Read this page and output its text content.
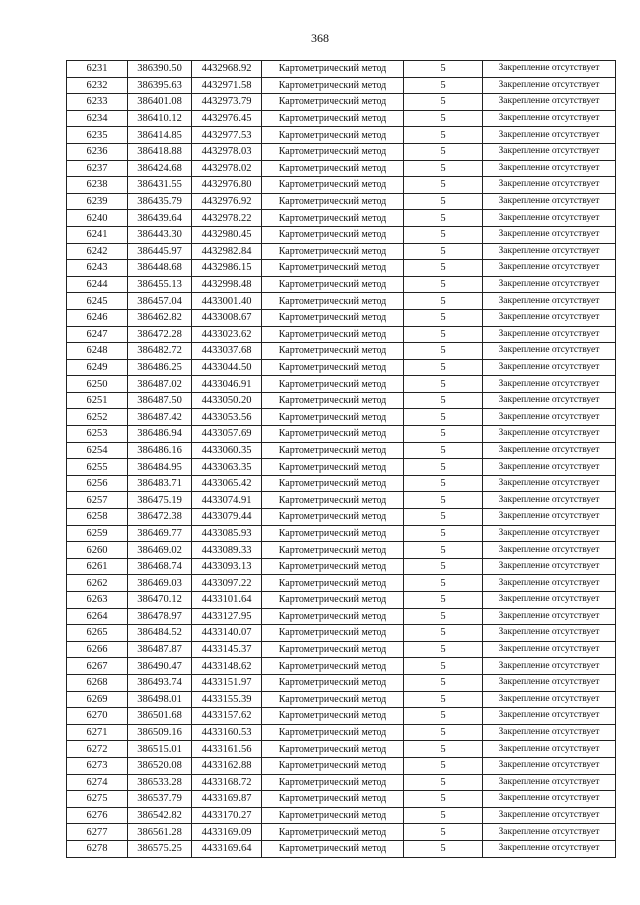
368
6231	386390.50	4432968.92	Картометрический метод	5	Закрепление отсутствует
6232	386395.63	4432971.58	Картометрический метод	5	Закрепление отсутствует
6233	386401.08	4432973.79	Картометрический метод	5	Закрепление отсутствует
6234	386410.12	4432976.45	Картометрический метод	5	Закрепление отсутствует
6235	386414.85	4432977.53	Картометрический метод	5	Закрепление отсутствует
6236	386418.88	4432978.03	Картометрический метод	5	Закрепление отсутствует
6237	386424.68	4432978.02	Картометрический метод	5	Закрепление отсутствует
6238	386431.55	4432976.80	Картометрический метод	5	Закрепление отсутствует
6239	386435.79	4432976.92	Картометрический метод	5	Закрепление отсутствует
6240	386439.64	4432978.22	Картометрический метод	5	Закрепление отсутствует
6241	386443.30	4432980.45	Картометрический метод	5	Закрепление отсутствует
6242	386445.97	4432982.84	Картометрический метод	5	Закрепление отсутствует
6243	386448.68	4432986.15	Картометрический метод	5	Закрепление отсутствует
6244	386455.13	4432998.48	Картометрический метод	5	Закрепление отсутствует
6245	386457.04	4433001.40	Картометрический метод	5	Закрепление отсутствует
6246	386462.82	4433008.67	Картометрический метод	5	Закрепление отсутствует
6247	386472.28	4433023.62	Картометрический метод	5	Закрепление отсутствует
6248	386482.72	4433037.68	Картометрический метод	5	Закрепление отсутствует
6249	386486.25	4433044.50	Картометрический метод	5	Закрепление отсутствует
6250	386487.02	4433046.91	Картометрический метод	5	Закрепление отсутствует
6251	386487.50	4433050.20	Картометрический метод	5	Закрепление отсутствует
6252	386487.42	4433053.56	Картометрический метод	5	Закрепление отсутствует
6253	386486.94	4433057.69	Картометрический метод	5	Закрепление отсутствует
6254	386486.16	4433060.35	Картометрический метод	5	Закрепление отсутствует
6255	386484.95	4433063.35	Картометрический метод	5	Закрепление отсутствует
6256	386483.71	4433065.42	Картометрический метод	5	Закрепление отсутствует
6257	386475.19	4433074.91	Картометрический метод	5	Закрепление отсутствует
6258	386472.38	4433079.44	Картометрический метод	5	Закрепление отсутствует
6259	386469.77	4433085.93	Картометрический метод	5	Закрепление отсутствует
6260	386469.02	4433089.33	Картометрический метод	5	Закрепление отсутствует
6261	386468.74	4433093.13	Картометрический метод	5	Закрепление отсутствует
6262	386469.03	4433097.22	Картометрический метод	5	Закрепление отсутствует
6263	386470.12	4433101.64	Картометрический метод	5	Закрепление отсутствует
6264	386478.97	4433127.95	Картометрический метод	5	Закрепление отсутствует
6265	386484.52	4433140.07	Картометрический метод	5	Закрепление отсутствует
6266	386487.87	4433145.37	Картометрический метод	5	Закрепление отсутствует
6267	386490.47	4433148.62	Картометрический метод	5	Закрепление отсутствует
6268	386493.74	4433151.97	Картометрический метод	5	Закрепление отсутствует
6269	386498.01	4433155.39	Картометрический метод	5	Закрепление отсутствует
6270	386501.68	4433157.62	Картометрический метод	5	Закрепление отсутствует
6271	386509.16	4433160.53	Картометрический метод	5	Закрепление отсутствует
6272	386515.01	4433161.56	Картометрический метод	5	Закрепление отсутствует
6273	386520.08	4433162.88	Картометрический метод	5	Закрепление отсутствует
6274	386533.28	4433168.72	Картометрический метод	5	Закрепление отсутствует
6275	386537.79	4433169.87	Картометрический метод	5	Закрепление отсутствует
6276	386542.82	4433170.27	Картометрический метод	5	Закрепление отсутствует
6277	386561.28	4433169.09	Картометрический метод	5	Закрепление отсутствует
6278	386575.25	4433169.64	Картометрический метод	5	Закрепление отсутствует
